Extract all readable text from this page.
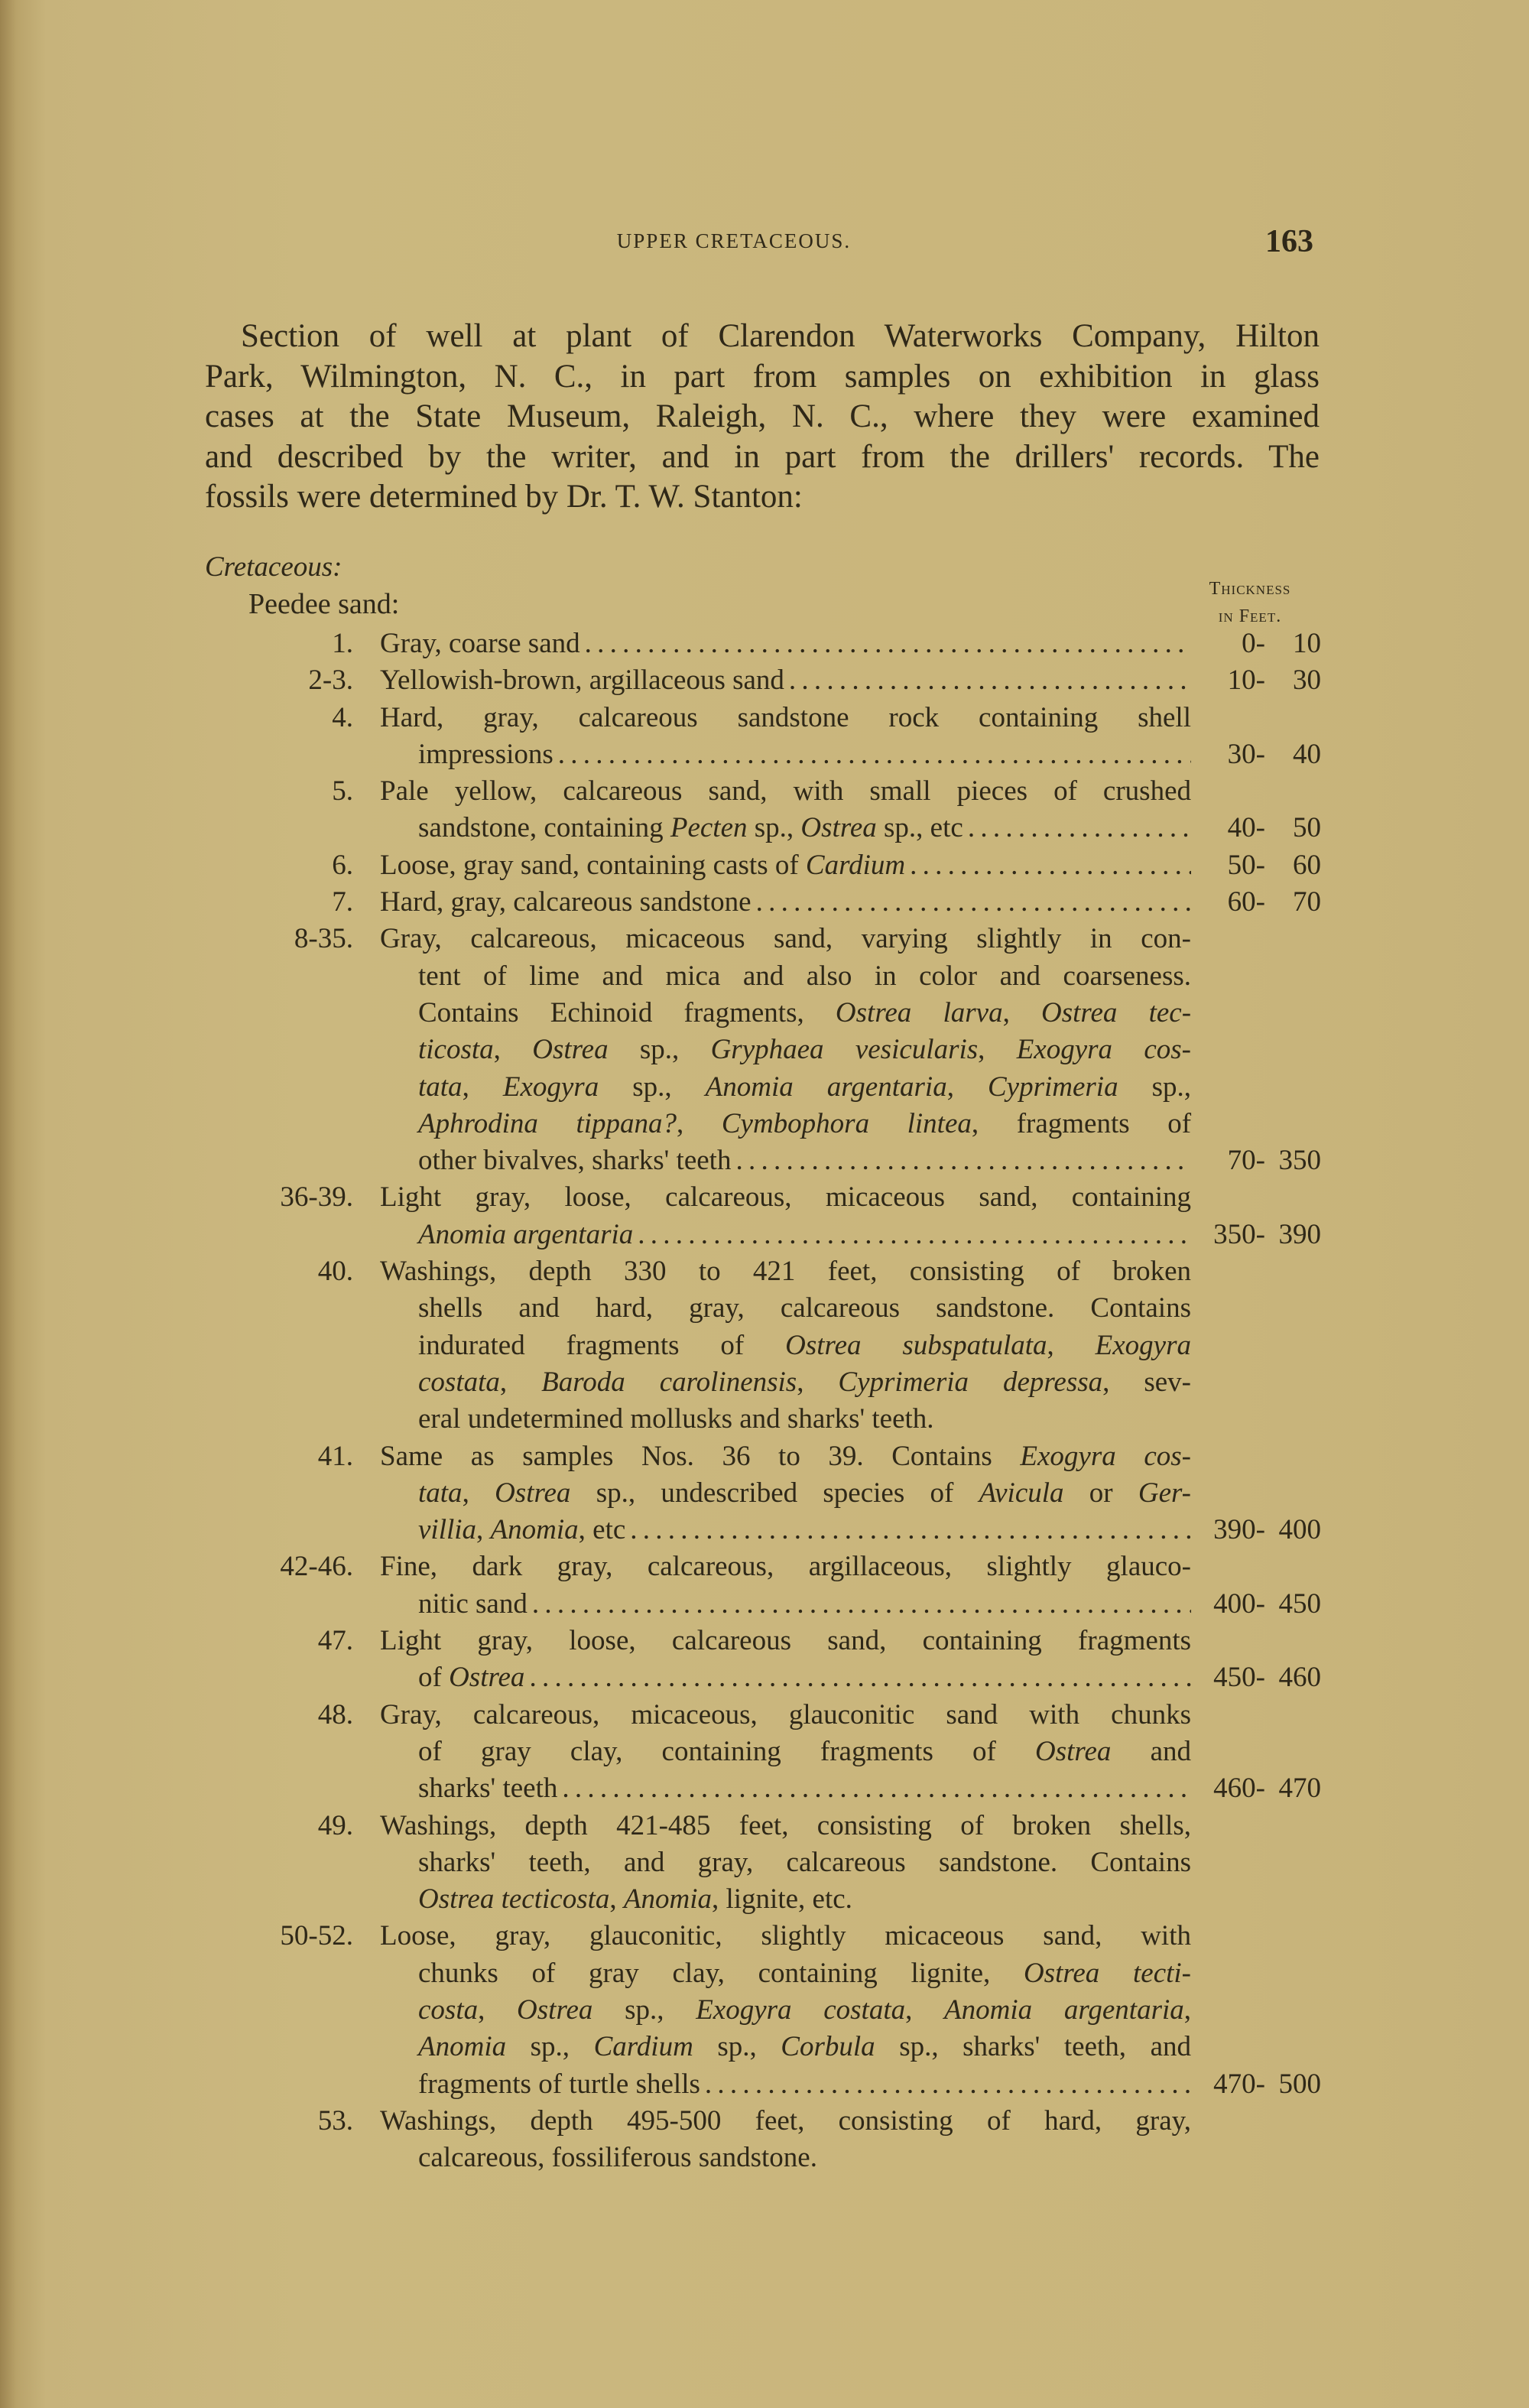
UPPER CRETACEOUS.	163
Section of well at plant of Clarendon Waterworks Company, Hilton
Park, Wilmington, N. C., in part from samples on exhibition in glass
cases at the State Museum, Raleigh, N. C., where they were examined
and described by the writer, and in part from the drillers' records. The
fossils were determined by Dr. T. W. Stanton:
Cretaceous:
Peedee sand:	Thickness
in Feet.
1. Gray, coarse sand . . .	0- 10
2-3. Yellowish-brown, argillaceous sand . . .	10- 30
4. Hard, gray, calcareous sandstone rock containing shell
impressions . . .	30- 40
5. Pale yellow, calcareous sand, with small pieces of crushed
sandstone, containing Pecten sp., Ostrea sp., etc . . .	40- 50
6. Loose, gray sand, containing casts of Cardium . . .	50- 60
7. Hard, gray, calcareous sandstone . . .	60- 70
8-35. Gray, calcareous, micaceous sand, varying slightly in con-
tent of lime and mica and also in color and coarseness.
Contains Echinoid fragments, Ostrea larva, Ostrea tec-
ticosta, Ostrea sp., Gryphaea vesicularis, Exogyra cos-
tata, Exogyra sp., Anomia argentaria, Cyprimeria sp.,
Aphrodina tippana?, Cymbophora lintea, fragments of
other bivalves, sharks' teeth . . .	70- 350
36-39. Light gray, loose, calcareous, micaceous sand, containing
Anomia argentaria . . .	350- 390
40. Washings, depth 330 to 421 feet, consisting of broken
shells and hard, gray, calcareous sandstone. Contains
indurated fragments of Ostrea subspatulata, Exogyra
costata, Baroda carolinensis, Cyprimeria depressa, sev-
eral undetermined mollusks and sharks' teeth.
41. Same as samples Nos. 36 to 39. Contains Exogyra cos-
tata, Ostrea sp., undescribed species of Avicula or Ger-
villia, Anomia, etc . . .	390- 400
42-46. Fine, dark gray, calcareous, argillaceous, slightly glauco-
nitic sand . . .	400- 450
47. Light gray, loose, calcareous sand, containing fragments
of Ostrea . . .	450- 460
48. Gray, calcareous, micaceous, glauconitic sand with chunks
of gray clay, containing fragments of Ostrea and
sharks' teeth . . .	460- 470
49. Washings, depth 421-485 feet, consisting of broken shells,
sharks' teeth, and gray, calcareous sandstone. Contains
Ostrea tecticosta, Anomia, lignite, etc.
50-52. Loose, gray, glauconitic, slightly micaceous sand, with
chunks of gray clay, containing lignite, Ostrea tecti-
costa, Ostrea sp., Exogyra costata, Anomia argentaria,
Anomia sp., Cardium sp., Corbula sp., sharks' teeth, and
fragments of turtle shells . . .	470- 500
53. Washings, depth 495-500 feet, consisting of hard, gray,
calcareous, fossiliferous sandstone.
